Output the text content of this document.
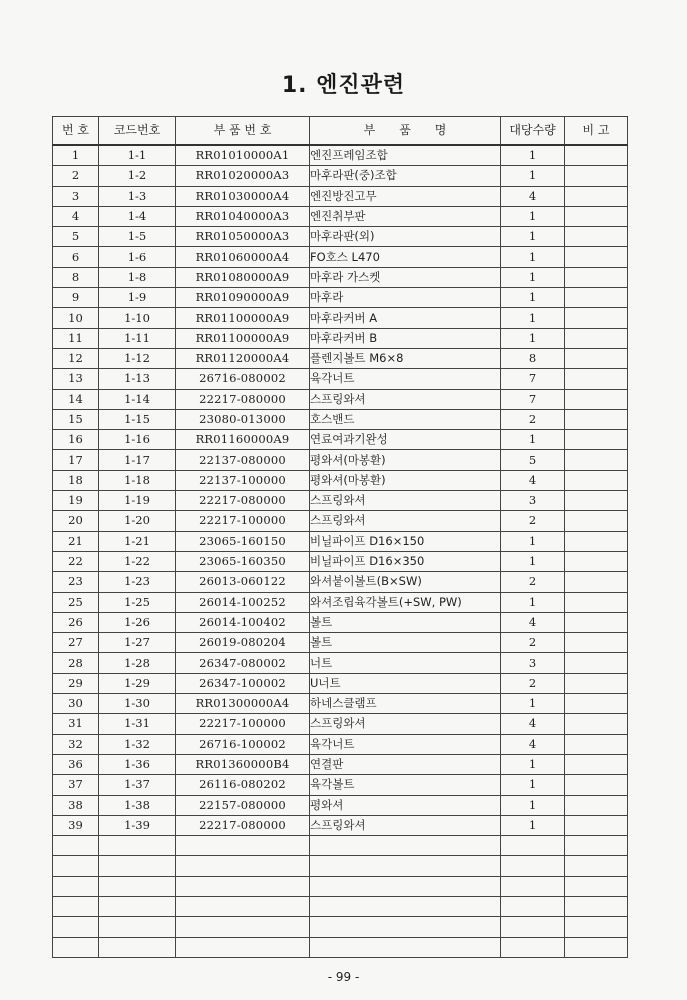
1. 엔진관련
번 호	코드번호	부 품 번 호	부　　품　　명	대당수량	비 고
1	1-1	RR01010000A1	엔진프레임조합	1	
2	1-2	RR01020000A3	마후라판(중)조합	1	
3	1-3	RR01030000A4	엔진방진고무	4	
4	1-4	RR01040000A3	엔진취부판	1	
5	1-5	RR01050000A3	마후라판(외)	1	
6	1-6	RR01060000A4	FO호스 L470	1	
8	1-8	RR01080000A9	마후라 가스켓	1	
9	1-9	RR01090000A9	마후라	1	
10	1-10	RR01100000A9	마후라커버 A	1	
11	1-11	RR01100000A9	마후라커버 B	1	
12	1-12	RR01120000A4	플렌지볼트 M6×8	8	
13	1-13	26716-080002	육각너트	7	
14	1-14	22217-080000	스프링와셔	7	
15	1-15	23080-013000	호스밴드	2	
16	1-16	RR01160000A9	연료여과기완성	1	
17	1-17	22137-080000	평와셔(마봉환)	5	
18	1-18	22137-100000	평와셔(마봉환)	4	
19	1-19	22217-080000	스프링와셔	3	
20	1-20	22217-100000	스프링와셔	2	
21	1-21	23065-160150	비닐파이프 D16×150	1	
22	1-22	23065-160350	비닐파이프 D16×350	1	
23	1-23	26013-060122	와셔붙이볼트(B×SW)	2	
25	1-25	26014-100252	와셔조립육각볼트(+SW, PW)	1	
26	1-26	26014-100402	볼트	4	
27	1-27	26019-080204	볼트	2	
28	1-28	26347-080002	너트	3	
29	1-29	26347-100002	U너트	2	
30	1-30	RR01300000A4	하네스클램프	1	
31	1-31	22217-100000	스프링와셔	4	
32	1-32	26716-100002	육각너트	4	
36	1-36	RR01360000B4	연결판	1	
37	1-37	26116-080202	육각볼트	1	
38	1-38	22157-080000	평와셔	1	
39	1-39	22217-080000	스프링와셔	1	

- 99 -
